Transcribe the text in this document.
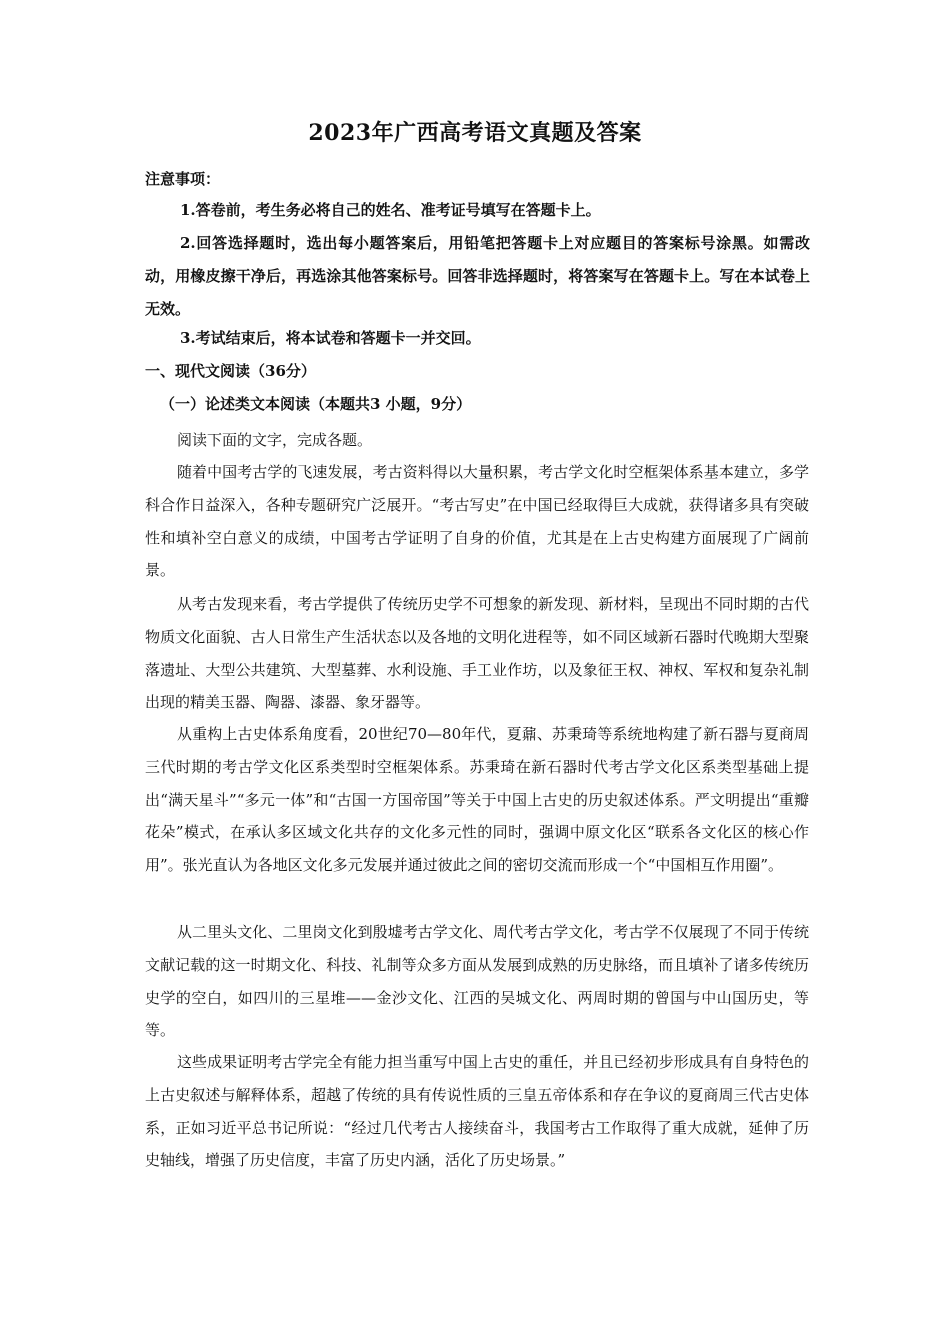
2023年广西高考语文真题及答案
注意事项：
1.答卷前，考生务必将自己的姓名、准考证号填写在答题卡上。
2.回答选择题时，选出每小题答案后，用铅笔把答题卡上对应题目的答案标号涂黑。如需改动，用橡皮擦干净后，再选涂其他答案标号。回答非选择题时，将答案写在答题卡上。写在本试卷上无效。
3.考试结束后，将本试卷和答题卡一并交回。
一、现代文阅读（36分）
（一）论述类文本阅读（本题共3 小题，9分）
阅读下面的文字，完成各题。
随着中国考古学的飞速发展，考古资料得以大量积累，考古学文化时空框架体系基本建立，多学科合作日益深入，各种专题研究广泛展开。“考古写史”在中国已经取得巨大成就，获得诸多具有突破性和填补空白意义的成绩，中国考古学证明了自身的价值，尤其是在上古史构建方面展现了广阔前景。
从考古发现来看，考古学提供了传统历史学不可想象的新发现、新材料，呈现出不同时期的古代物质文化面貌、古人日常生产生活状态以及各地的文明化进程等，如不同区域新石器时代晚期大型聚落遗址、大型公共建筑、大型墓葬、水利设施、手工业作坊，以及象征王权、神权、军权和复杂礼制出现的精美玉器、陶器、漆器、象牙器等。
从重构上古史体系角度看，20世纪70—80年代，夏鼐、苏秉琦等系统地构建了新石器与夏商周三代时期的考古学文化区系类型时空框架体系。苏秉琦在新石器时代考古学文化区系类型基础上提出“满天星斗”“多元一体”和“古国一方国帝国”等关于中国上古史的历史叙述体系。严文明提出“重瓣花朵”模式，在承认多区域文化共存的文化多元性的同时，强调中原文化区“联系各文化区的核心作用”。张光直认为各地区文化多元发展并通过彼此之间的密切交流而形成一个“中国相互作用圈”。
从二里头文化、二里岗文化到殷墟考古学文化、周代考古学文化，考古学不仅展现了不同于传统文献记载的这一时期文化、科技、礼制等众多方面从发展到成熟的历史脉络，而且填补了诸多传统历史学的空白，如四川的三星堆——金沙文化、江西的吴城文化、两周时期的曾国与中山国历史，等等。
这些成果证明考古学完全有能力担当重写中国上古史的重任，并且已经初步形成具有自身特色的上古史叙述与解释体系，超越了传统的具有传说性质的三皇五帝体系和存在争议的夏商周三代古史体系，正如习近平总书记所说：“经过几代考古人接续奋斗，我国考古工作取得了重大成就，延伸了历史轴线，增强了历史信度，丰富了历史内涵，活化了历史场景。”
